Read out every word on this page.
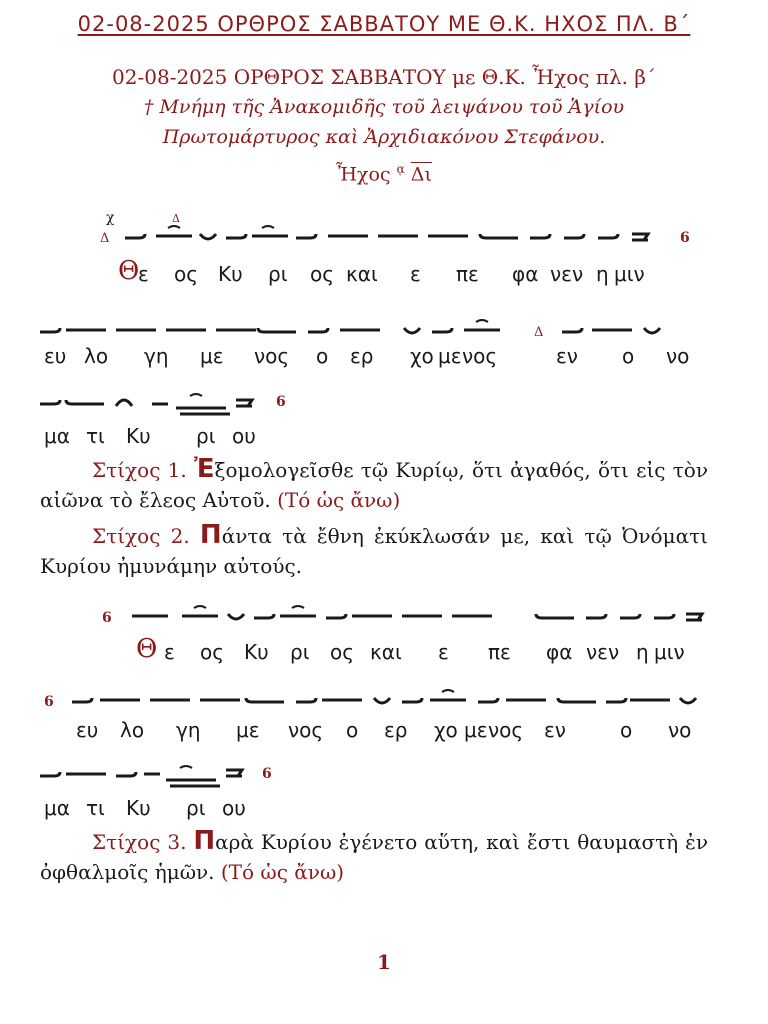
02-08-2025 ΟΡΘΡΟΣ ΣΑΒΒΑΤΟΥ ΜΕ Θ.Κ. ΗΧΟΣ ΠΛ. Β΄
02-08-2025 ΟΡΘΡΟΣ ΣΑΒΒΑΤΟΥ με Θ.Κ. Ἦχος πλ. β΄
† Μνήμη τῆς Ἀνακομιδῆς τοῦ λειψάνου τοῦ Ἁγίου
Πρωτομάρτυρος καὶ Ἀρχιδιακόνου Στεφάνου.
Ἦχος $^ᾳ$ $\overline{\Delta\iota}$
Δ
Δ
χ
6
Θ
ε ος Κυ ρι ος και ε πε φα νεν η μιν
Δ
ευ λο γη με νος ο ερ χο με νος	εν ο νο
6
μα τι Κυ ρι ου
Στίχος 1. Ἐξομολογεῖσθε τῷ Κυρίῳ, ὅτι ἀγαθός, ὅτι εἰς τὸν αἰῶνα τὸ ἔλεος Αὐτοῦ. (Τό ὡς ἄνω)
Στίχος 2. Πάντα τὰ ἔθνη ἐκύκλωσάν με, καὶ τῷ Ὀνόματι Κυρίου ἠμυνάμην αὐτούς.
6
Θ ε ος Κυ ρι ος και ε πε φα νεν η μιν
6
ευ λο γη με νος ο ερ χο με νος εν	ο νο
6
μα τι Κυ ρι ου
Στίχος 3. Παρὰ Κυρίου ἐγένετο αὕτη, καὶ ἔστι θαυμαστὴ ἐν ὀφθαλμοῖς ἡμῶν. (Τό ὡς ἄνω)
1
